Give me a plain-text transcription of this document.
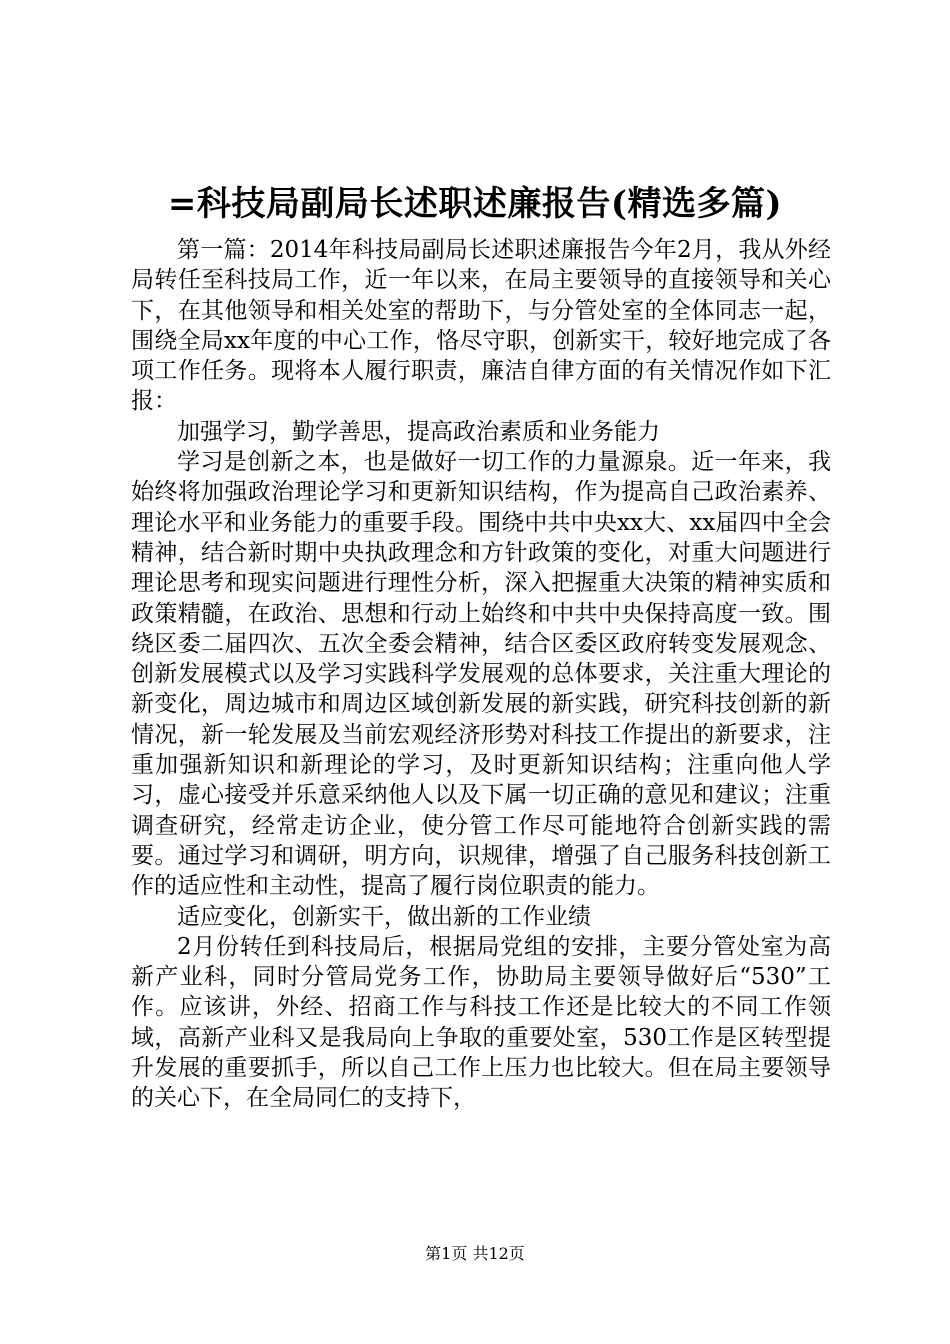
=科技局副局长述职述廉报告(精选多篇)

第一篇：2014年科技局副局长述职述廉报告今年2月，我从外经局转任至科技局工作，近一年以来，在局主要领导的直接领导和关心下，在其他领导和相关处室的帮助下，与分管处室的全体同志一起，围绕全局xx年度的中心工作，恪尽守职，创新实干，较好地完成了各项工作任务。现将本人履行职责，廉洁自律方面的有关情况作如下汇报：

加强学习，勤学善思，提高政治素质和业务能力

学习是创新之本，也是做好一切工作的力量源泉。近一年来，我始终将加强政治理论学习和更新知识结构，作为提高自己政治素养、理论水平和业务能力的重要手段。围绕中共中央xx大、xx届四中全会精神，结合新时期中央执政理念和方针政策的变化，对重大问题进行理论思考和现实问题进行理性分析，深入把握重大决策的精神实质和政策精髓，在政治、思想和行动上始终和中共中央保持高度一致。围绕区委二届四次、五次全委会精神，结合区委区政府转变发展观念、创新发展模式以及学习实践科学发展观的总体要求，关注重大理论的新变化，周边城市和周边区域创新发展的新实践，研究科技创新的新情况，新一轮发展及当前宏观经济形势对科技工作提出的新要求，注重加强新知识和新理论的学习，及时更新知识结构；注重向他人学习，虚心接受并乐意采纳他人以及下属一切正确的意见和建议；注重调查研究，经常走访企业，使分管工作尽可能地符合创新实践的需要。通过学习和调研，明方向，识规律，增强了自己服务科技创新工作的适应性和主动性，提高了履行岗位职责的能力。

适应变化，创新实干，做出新的工作业绩

2月份转任到科技局后，根据局党组的安排，主要分管处室为高新产业科，同时分管局党务工作，协助局主要领导做好后“530”工作。应该讲，外经、招商工作与科技工作还是比较大的不同工作领域，高新产业科又是我局向上争取的重要处室，530工作是区转型提升发展的重要抓手，所以自己工作上压力也比较大。但在局主要领导的关心下，在全局同仁的支持下，

第1页 共12页
